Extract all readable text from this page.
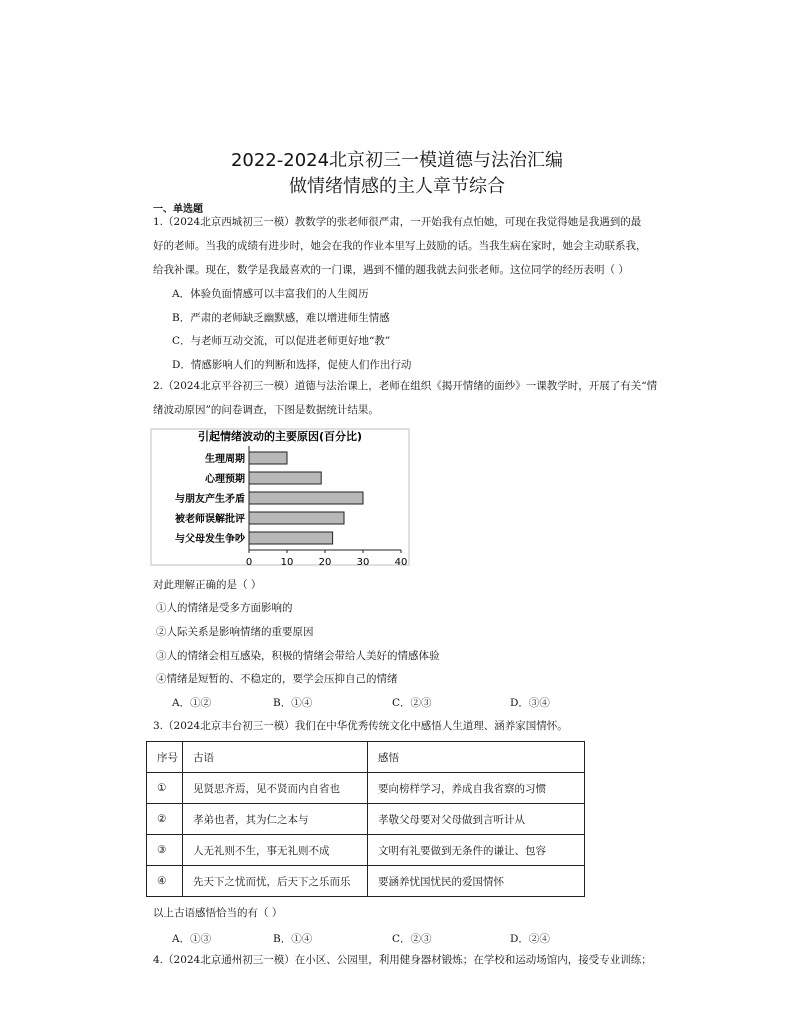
2022-2024北京初三一模道德与法治汇编
做情绪情感的主人章节综合
一、单选题
1.（2024北京西城初三一模）教数学的张老师很严肃，一开始我有点怕她，可现在我觉得她是我遇到的最
好的老师。当我的成绩有进步时，她会在我的作业本里写上鼓励的话。当我生病在家时，她会主动联系我，
给我补课。现在，数学是我最喜欢的一门课，遇到不懂的题我就去问张老师。这位同学的经历表明（ ）
A．体验负面情感可以丰富我们的人生阅历
B．严肃的老师缺乏幽默感，难以增进师生情感
C．与老师互动交流，可以促进老师更好地“教”
D．情感影响人们的判断和选择，促使人们作出行动
2.（2024北京平谷初三一模）道德与法治课上，老师在组织《揭开情绪的面纱》一课教学时，开展了有关“情
绪波动原因”的问卷调查，下图是数据统计结果。
引起情绪波动的主要原因(百分比)
生理周期
心理预期
与朋友产生矛盾
被老师误解批评
与父母发生争吵
0	10	20	30	40
对此理解正确的是（ ）
①人的情绪是受多方面影响的
②人际关系是影响情绪的重要原因
③人的情绪会相互感染，积极的情绪会带给人美好的情感体验
④情绪是短暂的、不稳定的，要学会压抑自己的情绪
A．①②	B．①④	C．②③	D．③④
3.（2024北京丰台初三一模）我们在中华优秀传统文化中感悟人生道理、涵养家国情怀。
序号	古语	感悟
①	见贤思齐焉，见不贤而内自省也	要向榜样学习，养成自我省察的习惯
②	孝弟也者，其为仁之本与	孝敬父母要对父母做到言听计从
③	人无礼则不生，事无礼则不成	文明有礼要做到无条件的谦让、包容
④	先天下之忧而忧，后天下之乐而乐	要涵养忧国忧民的爱国情怀
以上古语感悟恰当的有（ ）
A．①③	B．①④	C．②③	D．②④
4.（2024北京通州初三一模）在小区、公园里，利用健身器材锻炼；在学校和运动场馆内，接受专业训练；
